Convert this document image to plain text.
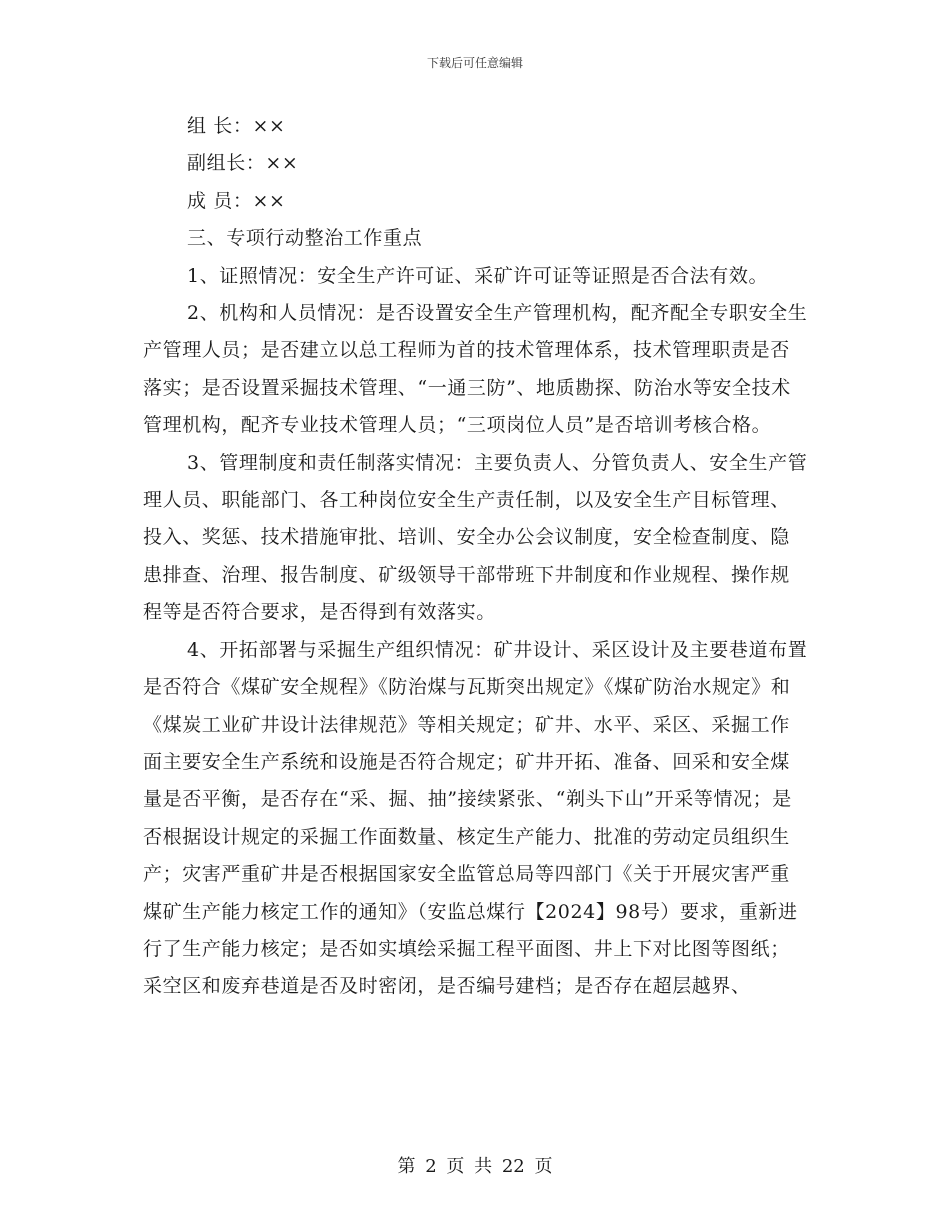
下载后可任意编辑

组 长：××

副组长：××

成 员：××

三、专项行动整治工作重点

1、证照情况：安全生产许可证、采矿许可证等证照是否合法有效。

2、机构和人员情况：是否设置安全生产管理机构，配齐配全专职安全生产管理人员；是否建立以总工程师为首的技术管理体系，技术管理职责是否落实；是否设置采掘技术管理、“一通三防”、地质勘探、防治水等安全技术管理机构，配齐专业技术管理人员；“三项岗位人员”是否培训考核合格。

3、管理制度和责任制落实情况：主要负责人、分管负责人、安全生产管理人员、职能部门、各工种岗位安全生产责任制，以及安全生产目标管理、投入、奖惩、技术措施审批、培训、安全办公会议制度，安全检查制度、隐患排查、治理、报告制度、矿级领导干部带班下井制度和作业规程、操作规程等是否符合要求，是否得到有效落实。

4、开拓部署与采掘生产组织情况：矿井设计、采区设计及主要巷道布置是否符合《煤矿安全规程》《防治煤与瓦斯突出规定》《煤矿防治水规定》和《煤炭工业矿井设计法律规范》等相关规定；矿井、水平、采区、采掘工作面主要安全生产系统和设施是否符合规定；矿井开拓、准备、回采和安全煤量是否平衡，是否存在“采、掘、抽”接续紧张、“剃头下山”开采等情况；是否根据设计规定的采掘工作面数量、核定生产能力、批准的劳动定员组织生产；灾害严重矿井是否根据国家安全监管总局等四部门《关于开展灾害严重煤矿生产能力核定工作的通知》（安监总煤行【2024】98号）要求，重新进行了生产能力核定；是否如实填绘采掘工程平面图、井上下对比图等图纸；采空区和废弃巷道是否及时密闭，是否编号建档；是否存在超层越界、

第 2 页 共 22 页
